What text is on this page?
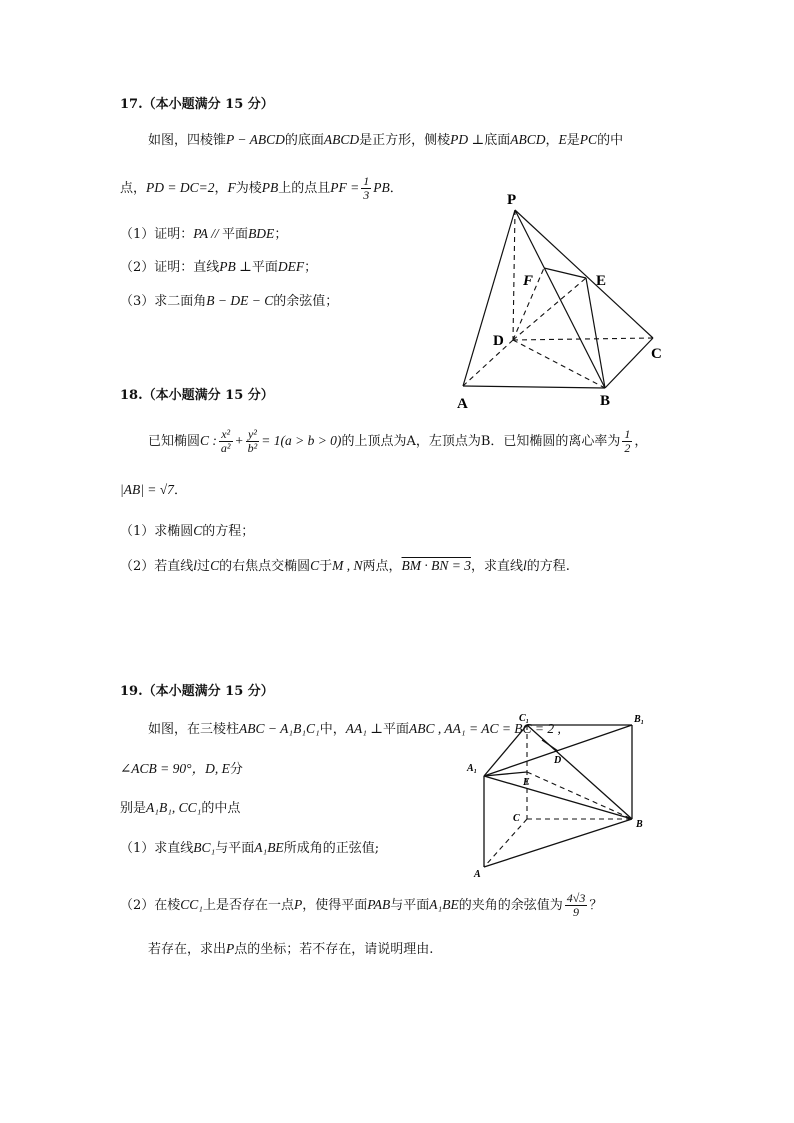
17.（本小题满分 15 分）
如图，四棱锥P − ABCD的底面ABCD是正方形，侧棱PD ⊥底面ABCD，E是PC的中
点，PD = DC=2，F为棱PB上的点且PF = $\frac{1}{3}$ PB．
（1）证明：PA // 平面BDE；
（2）证明：直线PB ⊥平面DEF；
（3）求二面角B − DE − C的余弦值；
P
F	E
D
C
A	B
18.（本小题满分 15 分）
已知椭圆C : $\frac{\text{x²}}{\text{a²}} + \frac{\text{y²}}{\text{b²}} = 1(a > b > 0)$的上顶点为A，左顶点为B．已知椭圆的离心率为 $\frac{1}{2}$ ，
|AB| = √7．
（1）求椭圆C的方程；
（2）若直线l过C的右焦点交椭圆C于M , N两点，BM · BN = 3，求直线l的方程.
19.（本小题满分 15 分）
如图，在三棱柱ABC − A₁B₁C₁中，AA₁ ⊥平面ABC , AA₁ = AC = BC = 2 ,
∠ACB = 90°，D, E分
别是A₁B₁, CC₁的中点
（1）求直线BC₁与平面A₁BE所成角的正弦值;
（2）在棱CC₁上是否存在一点P，使得平面PAB与平面A₁BE的夹角的余弦值为 $\frac{4√3}{9}$ ？
若存在，求出P点的坐标；若不存在，请说明理由.
C₁	B₁
A₁
D
E
C
B
A
